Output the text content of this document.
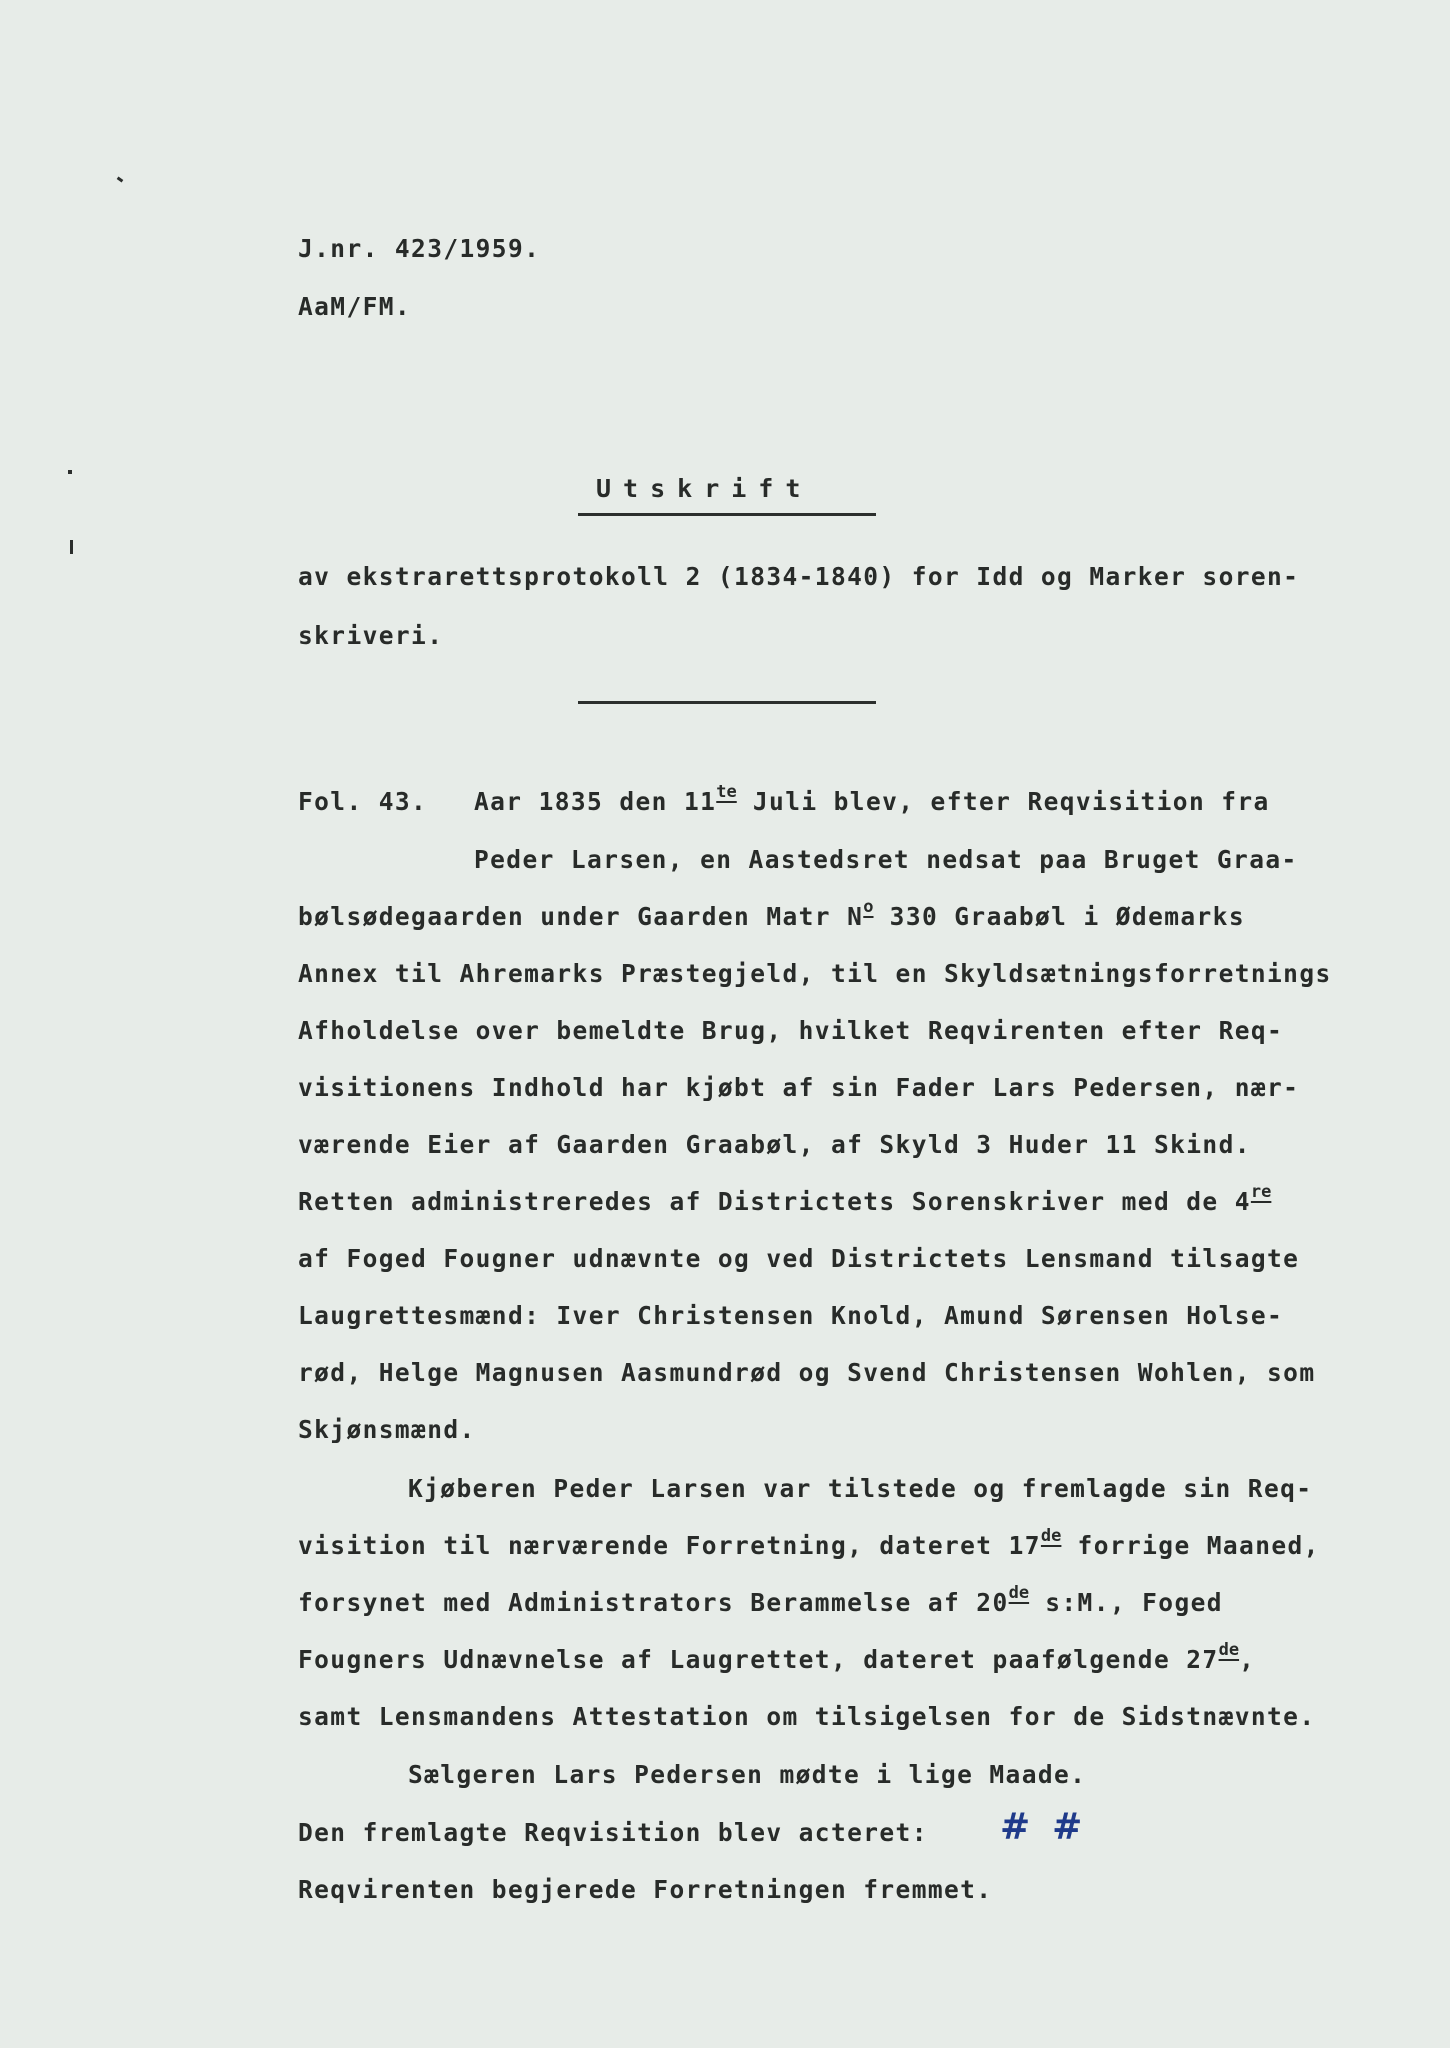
J.nr. 423/1959.
AaM/FM.
Utskrift
av ekstrarettsprotokoll 2 (1834-1840) for Idd og Marker soren-
skriveri.
Fol. 43. Aar 1835 den $11^{te}$ Juli blev, efter Reqvisition fra
Peder Larsen, en Aastedsret nedsat paa Bruget Graa-
bølsødegaarden under Gaarden Matr $N^o$ 330 Graabøl i Ødemarks
Annex til Ahremarks Præstegjeld, til en Skyldsætningsforretnings
Afholdelse over bemeldte Brug, hvilket Reqvirenten efter Req-
visitionens Indhold har kjøbt af sin Fader Lars Pedersen, nær-
værende Eier af Gaarden Graabøl, af Skyld 3 Huder 11 Skind.
Retten administreredes af Districtets Sorenskriver med de 4re
af Foged Fougner udnævnte og ved Districtets Lensmand tilsagte
Laugrettesmænd: Iver Christensen Knold, Amund Sørensen Holse-
rød, Helge Magnusen Aasmundrød og Svend Christensen Wohlen, som
Skjønsmænd.
Kjøberen Peder Larsen var tilstede og fremlagde sin Req-
visition til nærværende Forretning, dateret 17de forrige Maaned,
forsynet med Administrators Berammelse af 20de s:M., Foged
Fougners Udnævnelse af Laugrettet, dateret paafølgende 27de,
samt Lensmandens Attestation om tilsigelsen for de Sidstnævnte.
Sælgeren Lars Pedersen mødte i lige Maade.
Den fremlagte Reqvisition blev acteret: ##
Reqvirenten begjerede Forretningen fremmet.
